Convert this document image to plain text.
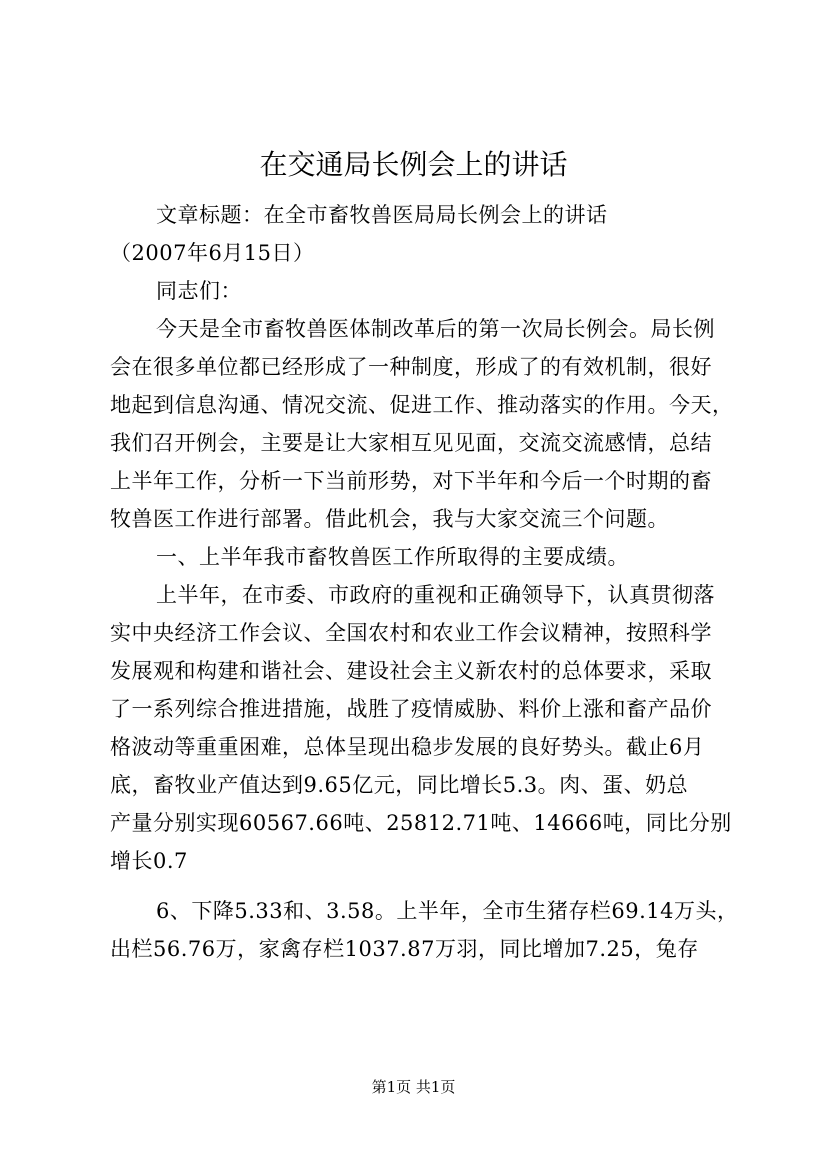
在交通局长例会上的讲话

文章标题：在全市畜牧兽医局局长例会上的讲话

（2007年6月15日）

同志们：

今天是全市畜牧兽医体制改革后的第一次局长例会。局长例

会在很多单位都已经形成了一种制度，形成了的有效机制，很好

地起到信息沟通、情况交流、促进工作、推动落实的作用。今天，

我们召开例会，主要是让大家相互见见面，交流交流感情，总结

上半年工作，分析一下当前形势，对下半年和今后一个时期的畜

牧兽医工作进行部署。借此机会，我与大家交流三个问题。

一、上半年我市畜牧兽医工作所取得的主要成绩。

上半年，在市委、市政府的重视和正确领导下，认真贯彻落

实中央经济工作会议、全国农村和农业工作会议精神，按照科学

发展观和构建和谐社会、建设社会主义新农村的总体要求，采取

了一系列综合推进措施，战胜了疫情威胁、料价上涨和畜产品价

格波动等重重困难，总体呈现出稳步发展的良好势头。截止6月

底，畜牧业产值达到9.65亿元，同比增长5.3。肉、蛋、奶总

产量分别实现60567.66吨、25812.71吨、14666吨，同比分别

增长0.7

6、下降5.33和、3.58。上半年，全市生猪存栏69.14万头，

出栏56.76万，家禽存栏1037.87万羽，同比增加7.25，兔存

第1页 共1页
